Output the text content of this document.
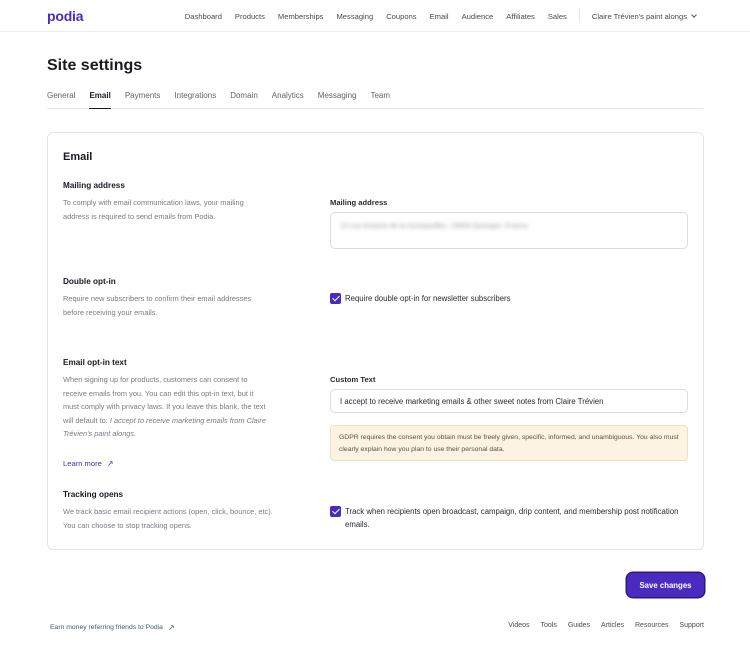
podia	Dashboard Products Memberships Messaging Coupons Email Audience Affiliates Sales	Claire Trévien's paint alongs
Site settings
General Email Payments Integrations Domain Analytics Messaging Team
Email
Mailing address
To comply with email communication laws, your mailing address is required to send emails from Podia.
Mailing address
10 rue Antoine de la Guisquellec, 29000 Quimper, France
Double opt-in
Require new subscribers to confirm their email addresses before receiving your emails.
Require double opt-in for newsletter subscribers
Email opt-in text
When signing up for products, customers can consent to receive emails from you. You can edit this opt-in text, but it must comply with privacy laws. If you leave this blank, the text will default to: I accept to receive marketing emails from Claire Trévien's paint alongs.
Learn more ↗
Custom Text
I accept to receive marketing emails & other sweet notes from Claire Trévien
GDPR requires the consent you obtain must be freely given, specific, informed, and unambiguous. You also must clearly explain how you plan to use their personal data.
Tracking opens
We track basic email recipient actions (open, click, bounce, etc). You can choose to stop tracking opens.
Track when recipients open broadcast, campaign, drip content, and membership post notification emails.
Save changes
Earn money referring friends to Podia ↗	Videos Tools Guides Articles Resources Support
